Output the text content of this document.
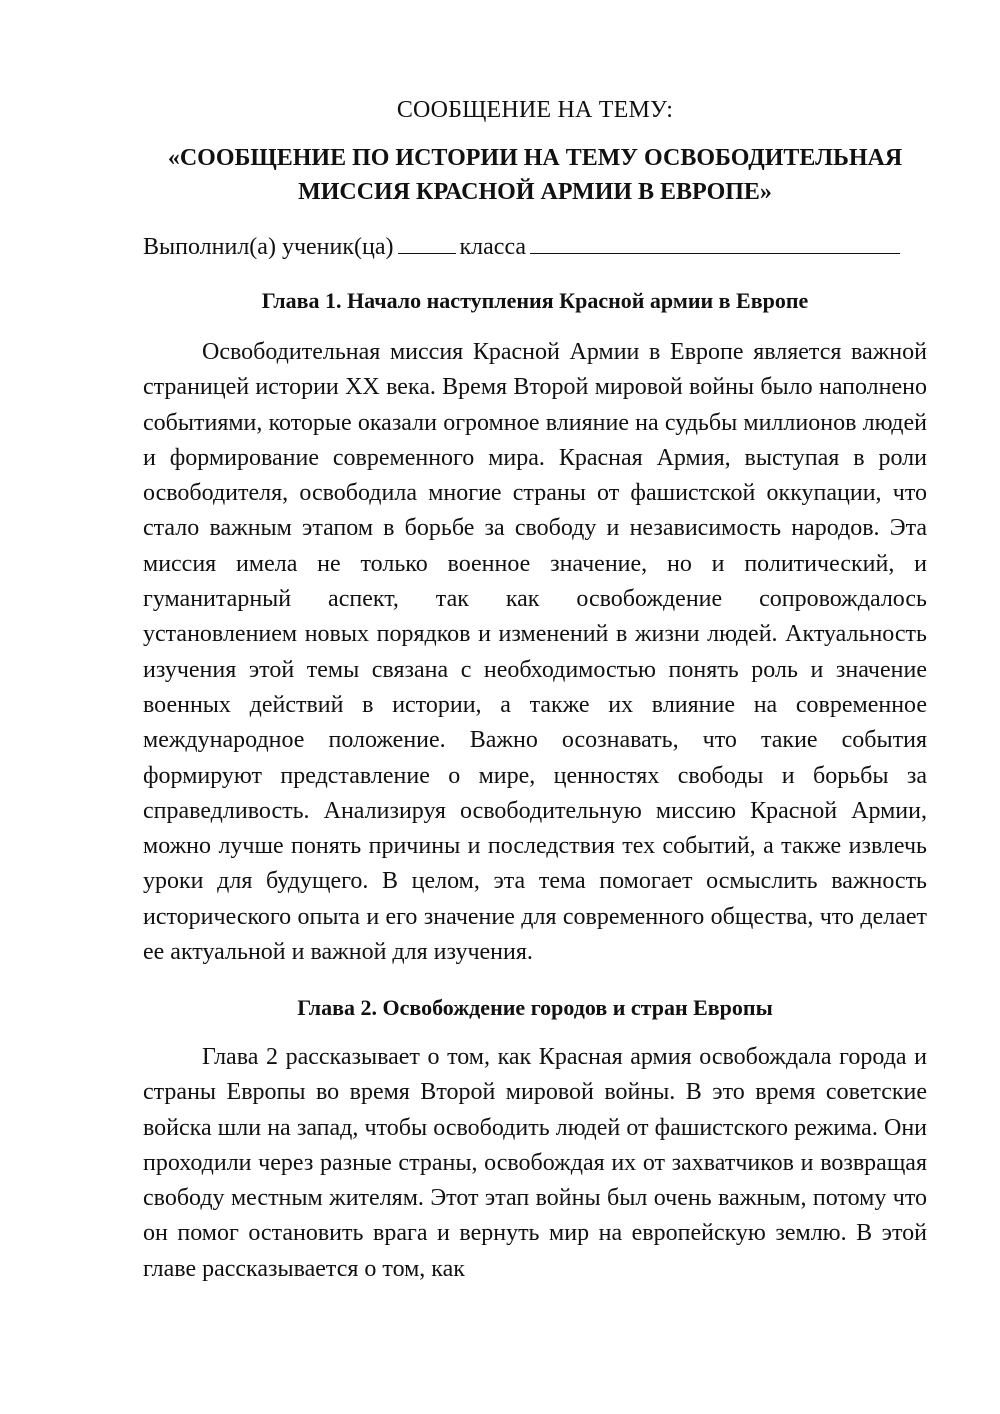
СООБЩЕНИЕ НА ТЕМУ:
«СООБЩЕНИЕ ПО ИСТОРИИ НА ТЕМУ ОСВОБОДИТЕЛЬНАЯ
МИССИЯ КРАСНОЙ АРМИИ В ЕВРОПЕ»

Выполнил(а) ученик(ца)	класса

Глава 1. Начало наступления Красной армии в Европе

Освободительная миссия Красной Армии в Европе является важной страницей истории XX века. Время Второй мировой войны было наполнено событиями, которые оказали огромное влияние на судьбы миллионов людей и формирование современного мира. Красная Армия, выступая в роли освободителя, освободила многие страны от фашистской оккупации, что стало важным этапом в борьбе за свободу и независимость народов. Эта миссия имела не только военное значение, но и политический, и гуманитарный аспект, так как освобождение сопровождалось установлением новых порядков и изменений в жизни людей. Актуальность изучения этой темы связана с необходимостью понять роль и значение военных действий в истории, а также их влияние на современное международное положение. Важно осознавать, что такие события формируют представление о мире, ценностях свободы и борьбы за справедливость. Анализируя освободительную миссию Красной Армии, можно лучше понять причины и последствия тех событий, а также извлечь уроки для будущего. В целом, эта тема помогает осмыслить важность исторического опыта и его значение для современного общества, что делает ее актуальной и важной для изучения.

Глава 2. Освобождение городов и стран Европы

Глава 2 рассказывает о том, как Красная армия освобождала города и страны Европы во время Второй мировой войны. В это время советские войска шли на запад, чтобы освободить людей от фашистского режима. Они проходили через разные страны, освобождая их от захватчиков и возвращая свободу местным жителям. Этот этап войны был очень важным, потому что он помог остановить врага и вернуть мир на европейскую землю. В этой главе рассказывается о том, как
